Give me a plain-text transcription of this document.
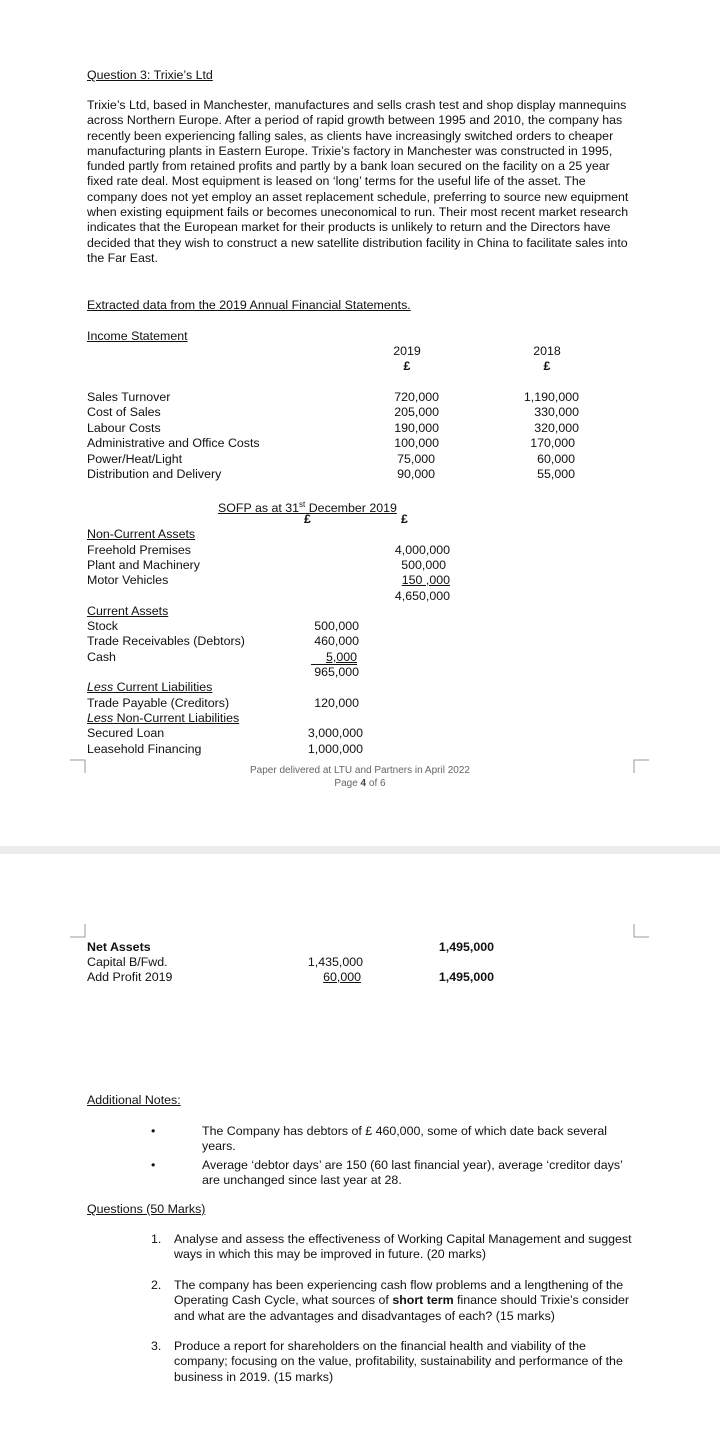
Question 3: Trixie’s Ltd
Trixie’s Ltd, based in Manchester, manufactures and sells crash test and shop display mannequins across Northern Europe. After a period of rapid growth between 1995 and 2010, the company has recently been experiencing falling sales, as clients have increasingly switched orders to cheaper manufacturing plants in Eastern Europe. Trixie’s factory in Manchester was constructed in 1995, funded partly from retained profits and partly by a bank loan secured on the facility on a 25 year fixed rate deal. Most equipment is leased on ‘long’ terms for the useful life of the asset. The company does not yet employ an asset replacement schedule, preferring to source new equipment when existing equipment fails or becomes uneconomical to run. Their most recent market research indicates that the European market for their products is unlikely to return and the Directors have decided that they wish to construct a new satellite distribution facility in China to facilitate sales into the Far East.
Extracted data from the 2019 Annual Financial Statements.
Income Statement
2019
£
2018
£
Sales Turnover	720,000	1,190,000
Cost of Sales	205,000	330,000
Labour Costs	190,000	320,000
Administrative and Office Costs	100,000	170,000
Power/Heat/Light	75,000	60,000
Distribution and Delivery	90,000	55,000
SOFP as at 31st December 2019
£	£
Non-Current Assets
Freehold Premises	4,000,000
Plant and Machinery	500,000
Motor Vehicles	150 ,000
4,650,000
Current Assets
Stock	500,000
Trade Receivables (Debtors)	460,000
Cash	5,000
965,000
Less Current Liabilities
Trade Payable (Creditors)	120,000
Less Non-Current Liabilities
Secured Loan	3,000,000
Leasehold Financing	1,000,000
Paper delivered at LTU and Partners in April 2022
Page 4 of 6
Net Assets	1,495,000
Capital B/Fwd.	1,435,000
Add Profit 2019	60,000	1,495,000
Additional Notes:
• The Company has debtors of £ 460,000, some of which date back several years.
• Average ‘debtor days’ are 150 (60 last financial year), average ‘creditor days’ are unchanged since last year at 28.
Questions (50 Marks)
1. Analyse and assess the effectiveness of Working Capital Management and suggest ways in which this may be improved in future. (20 marks)
2. The company has been experiencing cash flow problems and a lengthening of the Operating Cash Cycle, what sources of short term finance should Trixie’s consider and what are the advantages and disadvantages of each? (15 marks)
3. Produce a report for shareholders on the financial health and viability of the company; focusing on the value, profitability, sustainability and performance of the business in 2019. (15 marks)
